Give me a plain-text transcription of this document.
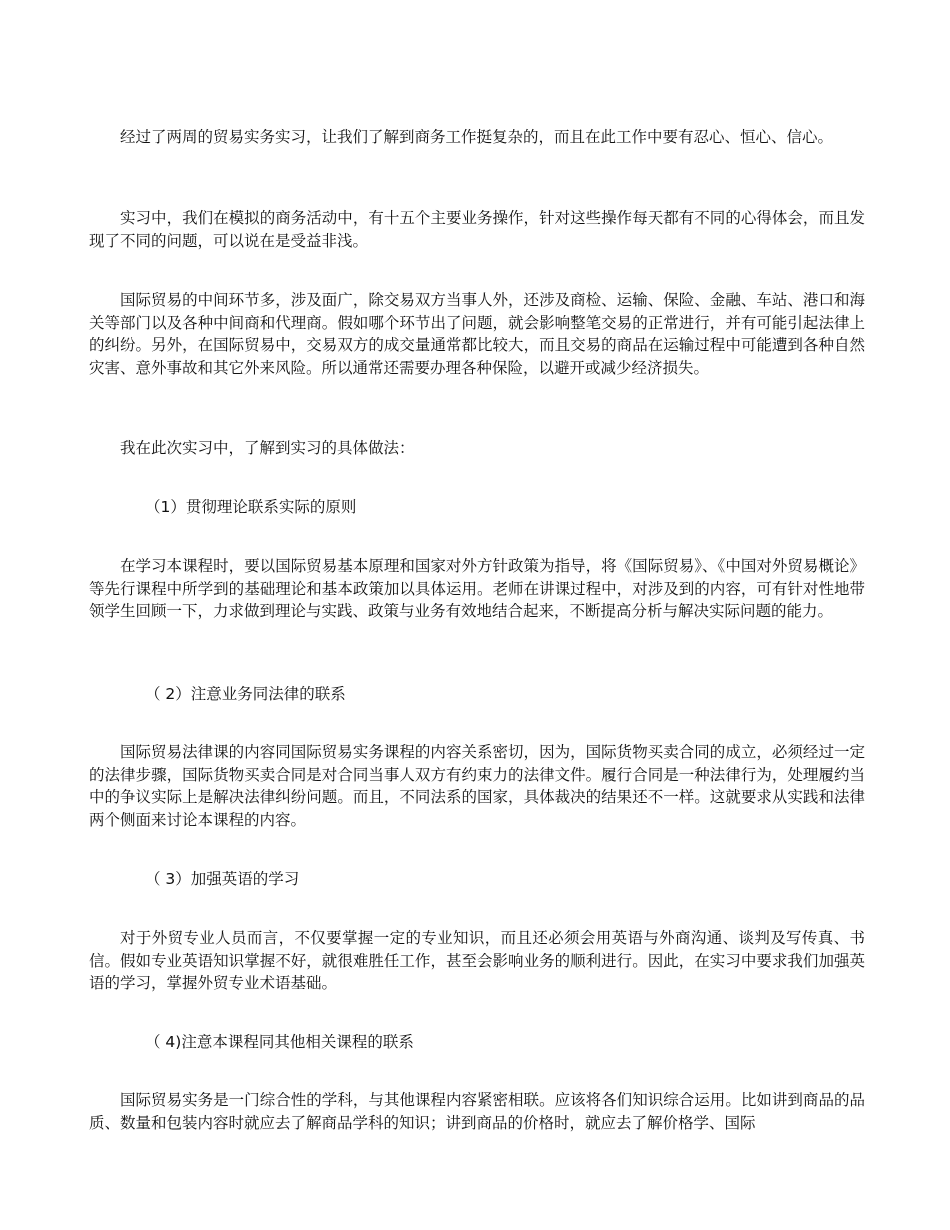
经过了两周的贸易实务实习，让我们了解到商务工作挺复杂的，而且在此工作中要有忍心、恒心、信心。

实习中，我们在模拟的商务活动中，有十五个主要业务操作，针对这些操作每天都有不同的心得体会，而且发现了不同的问题，可以说在是受益非浅。

国际贸易的中间环节多，涉及面广，除交易双方当事人外，还涉及商检、运输、保险、金融、车站、港口和海关等部门以及各种中间商和代理商。假如哪个环节出了问题，就会影响整笔交易的正常进行，并有可能引起法律上的纠纷。另外，在国际贸易中，交易双方的成交量通常都比较大，而且交易的商品在运输过程中可能遭到各种自然灾害、意外事故和其它外来风险。所以通常还需要办理各种保险，以避开或减少经济损失。

我在此次实习中，了解到实习的具体做法：

（1）贯彻理论联系实际的原则

在学习本课程时，要以国际贸易基本原理和国家对外方针政策为指导，将《国际贸易》、《中国对外贸易概论》等先行课程中所学到的基础理论和基本政策加以具体运用。老师在讲课过程中，对涉及到的内容，可有针对性地带领学生回顾一下，力求做到理论与实践、政策与业务有效地结合起来，不断提高分析与解决实际问题的能力。

（ 2）注意业务同法律的联系

国际贸易法律课的内容同国际贸易实务课程的内容关系密切，因为，国际货物买卖合同的成立，必须经过一定的法律步骤，国际货物买卖合同是对合同当事人双方有约束力的法律文件。履行合同是一种法律行为，处理履约当中的争议实际上是解决法律纠纷问题。而且，不同法系的国家，具体裁决的结果还不一样。这就要求从实践和法律两个侧面来讨论本课程的内容。

（ 3）加强英语的学习

对于外贸专业人员而言，不仅要掌握一定的专业知识，而且还必须会用英语与外商沟通、谈判及写传真、书信。假如专业英语知识掌握不好，就很难胜任工作，甚至会影响业务的顺利进行。因此，在实习中要求我们加强英语的学习，掌握外贸专业术语基础。

（ 4)注意本课程同其他相关课程的联系

国际贸易实务是一门综合性的学科，与其他课程内容紧密相联。应该将各们知识综合运用。比如讲到商品的品质、数量和包装内容时就应去了解商品学科的知识；讲到商品的价格时，就应去了解价格学、国际
